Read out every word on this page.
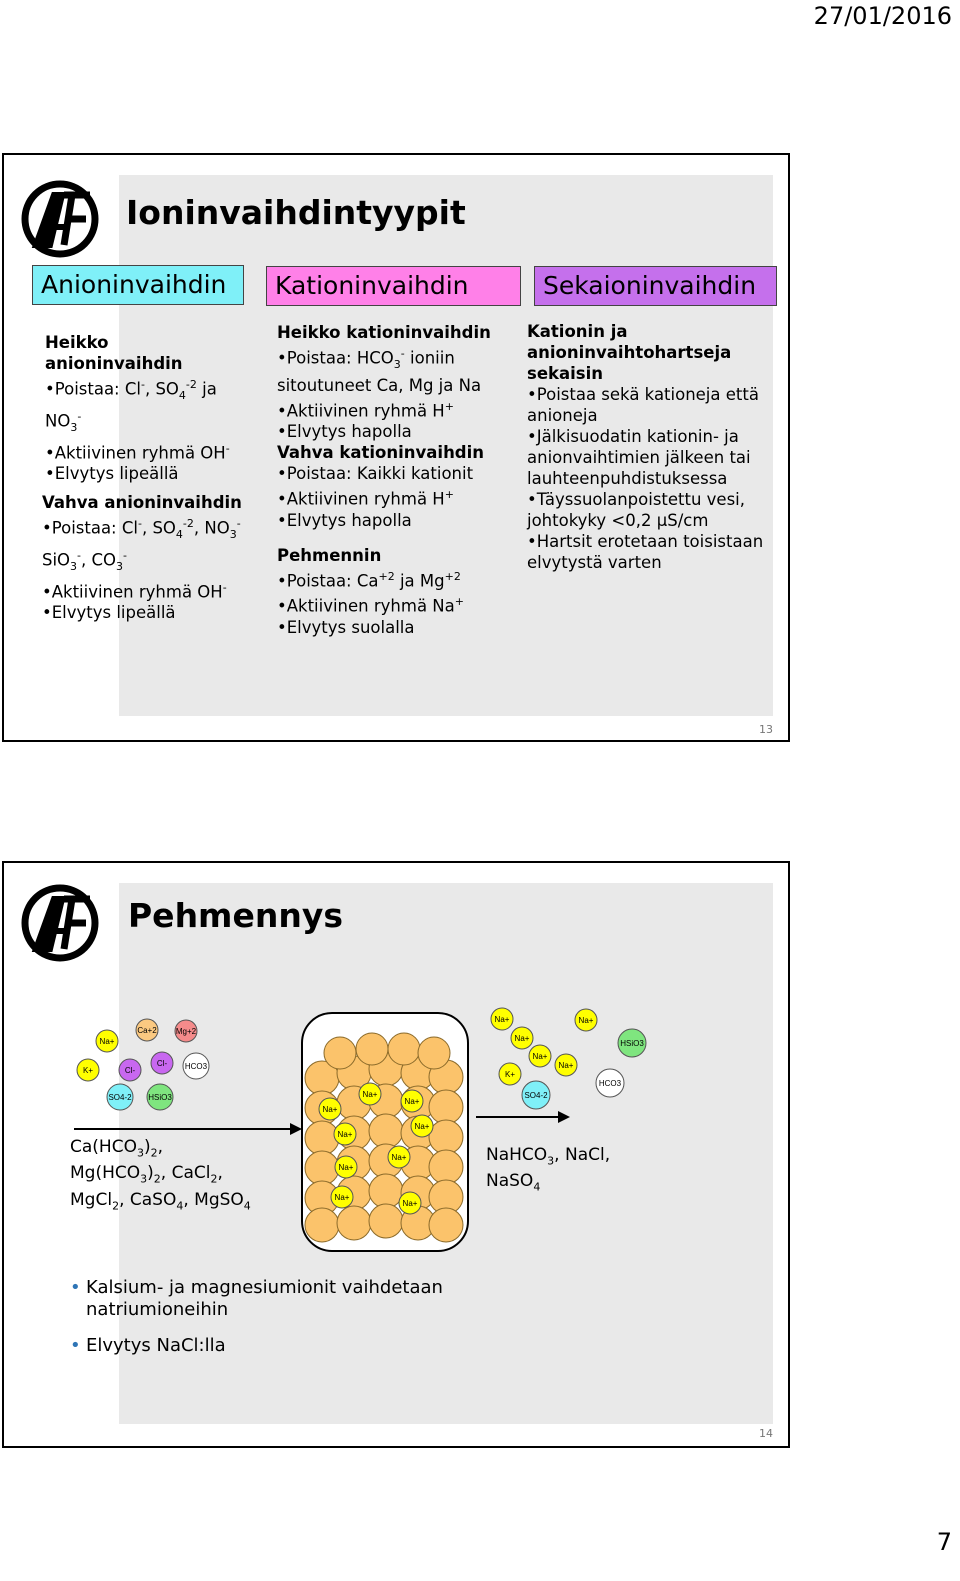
27/01/2016
Ioninvaihdintyypit
Anioninvaihdin	Kationinvaihdin	Sekaioninvaihdin
Heikko anioninvaihdin
•Poistaa: Cl-, $SO_4^{-2}$ ja $NO_3^-$
•Aktiivinen ryhmä OH-
•Elvytys lipeällä
Vahva anioninvaihdin
•Poistaa: Cl-, $SO_4^{-2}$, $NO_3^-$ SiO$_3$-, $CO_3^-$
•Aktiivinen ryhmä OH-
•Elvytys lipeällä
Heikko kationinvaihdin
•Poistaa: $HCO_3^-$ ioniin sitoutuneet Ca, Mg ja Na
•Aktiivinen ryhmä H+
•Elvytys hapolla
Vahva kationinvaihdin
•Poistaa: Kaikki kationit
•Aktiivinen ryhmä H+
•Elvytys hapolla
Pehmennin
•Poistaa: $Ca^{+2}$ ja $Mg^{+2}$
•Aktiivinen ryhmä Na+
•Elvytys suolalla
Kationin ja anioninvaihtohartseja sekaisin
•Poistaa sekä kationeja että anioneja
•Jälkisuodatin kationin- ja anionvaihtimien jälkeen tai lauhteenpuhdistuksessa
•Täyssuolanpoistettu vesi, johtokyky <0,2 µS/cm
•Hartsit erotetaan toisistaan elvytystä varten
13
Pehmennys
Na+
Ca+2 Mg+2
K+	Cl-
Cl- HCO3
SO4-2 HSiO3	Na+
Na+
Na+
Na+
Na+
Na+
Na+
Na+
Na+
Na+
Na+
Na+
Na+
Na+
HSiO3
K+
HCO3
SO4-2
$Ca(HCO_3)_2$,
$Mg(HCO_3)_2$, CaCl$_2$,
MgCl$_2$, CaSO$_4$, MgSO$_4$
NaHCO$_3$, NaCl,
NaSO$_4$
• Kalsium- ja magnesiumionit vaihdetaan natriumioneihin
• Elvytys NaCl:lla
14
7
